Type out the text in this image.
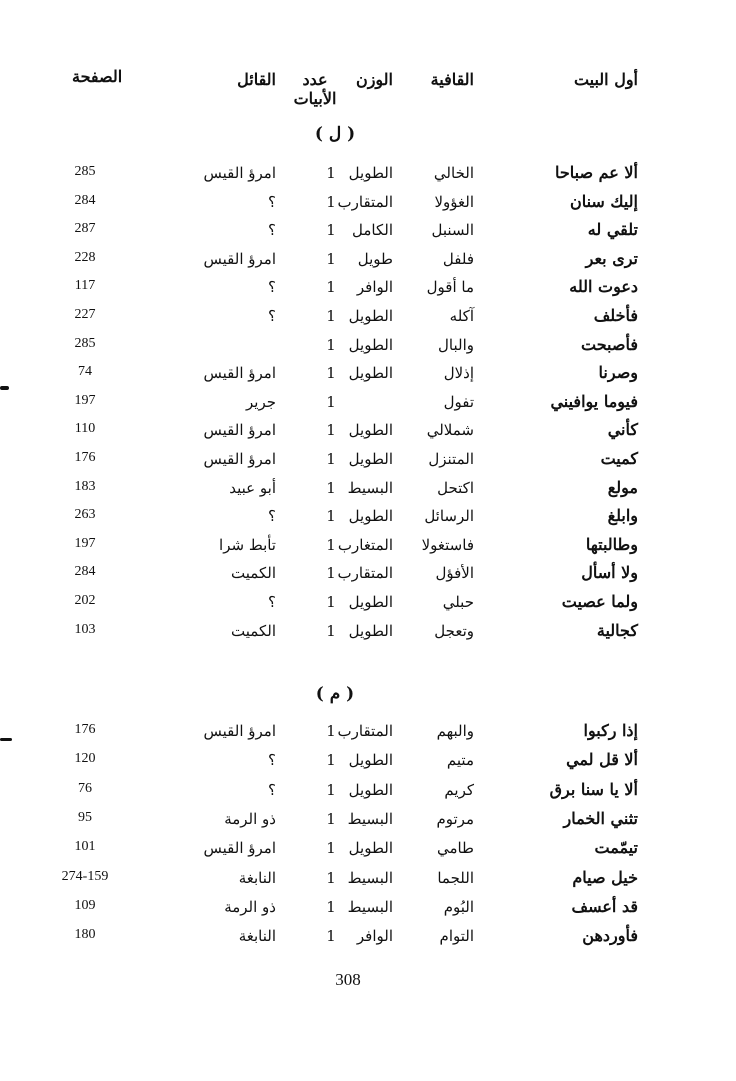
أول البيت
القافية
الوزن
عدد
الأبيات
القائل
الصفحة
( ل )
( م )
ألا عم صباحا
الخالي
الطويل
1
امرؤ القيس
285
إليك سنان
الغؤولا
المتقارب
1
؟
284
تلقي له
السنبل
الكامل
1
؟
287
ترى بعر
فلفل
طويل
1
امرؤ القيس
228
دعوت الله
ما أقول
الوافر
1
؟
117
فأخلف
آكله
الطويل
1
؟
227
فأصبحت
والبال
الطويل
1
285
وصرنا
إذلال
الطويل
1
امرؤ القيس
74
فيوما يوافيني
تفول
1
جرير
197
كأني
شملالي
الطويل
1
امرؤ القيس
110
كميت
المتنزل
الطويل
1
امرؤ القيس
176
مولع
اكتحل
البسيط
1
أبو عبيد
183
وابلغ
الرسائل
الطويل
1
؟
263
وطالبتها
فاستغولا
المتغارب
1
تأبط شرا
197
ولا أسأل
الأفؤل
المتقارب
1
الكميت
284
ولما عصيت
حبلي
الطويل
1
؟
202
كجالية
وتعجل
الطويل
1
الكميت
103
إذا ركبوا
والبهم
المتقارب
1
امرؤ القيس
176
ألا قل لمي
متيم
الطويل
1
؟
120
ألا يا سنا برق
كريم
الطويل
1
؟
76
تثني الخمار
مرتوم
البسيط
1
ذو الرمة
95
تيمّمت
طامي
الطويل
1
امرؤ القيس
101
خيل صيام
اللجما
البسيط
1
النابغة
274-159
قد أعسف
البُوم
البسيط
1
ذو الرمة
109
فأوردهن
التوام
الوافر
1
النابغة
180
308
